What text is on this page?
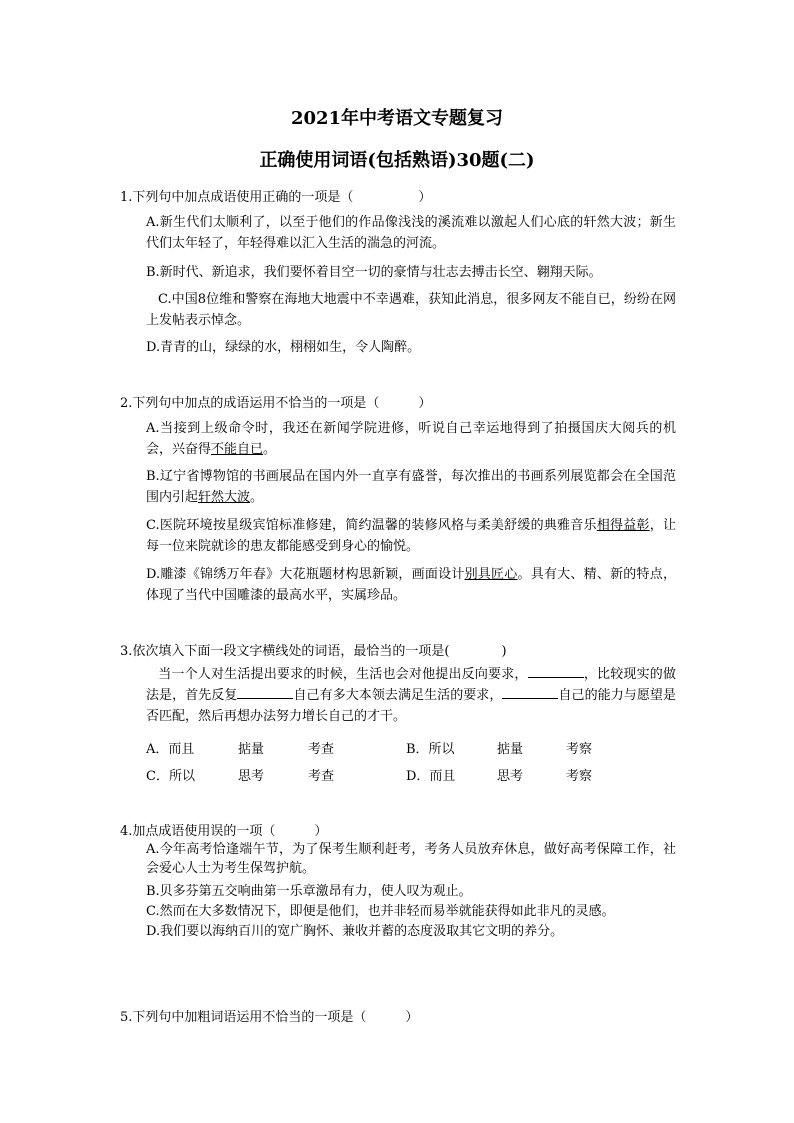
2021年中考语文专题复习
正确使用词语(包括熟语)30题(二)
1.下列句中加点成语使用正确的一项是（　　　　　）
A.新生代们太顺利了，以至于他们的作品像浅浅的溪流难以激起人们心底的轩然大波；新生代们太年轻了，年轻得难以汇入生活的湍急的河流。
B.新时代、新追求，我们要怀着目空一切的豪情与壮志去搏击长空、翱翔天际。
C.中国8位维和警察在海地大地震中不幸遇难，获知此消息，很多网友不能自已，纷纷在网上发帖表示悼念。
D.青青的山，绿绿的水，栩栩如生，令人陶醉。
2.下列句中加点的成语运用不恰当的一项是（　　　）
A.当接到上级命令时，我还在新闻学院进修，听说自己幸运地得到了拍摄国庆大阅兵的机会，兴奋得不能自已。
B.辽宁省博物馆的书画展品在国内外一直享有盛誉，每次推出的书画系列展览都会在全国范围内引起轩然大波。
C.医院环境按星级宾馆标准修建，简约温馨的装修风格与柔美舒缓的典雅音乐相得益彰，让每一位来院就诊的患友都能感受到身心的愉悦。
D.雕漆《锦绣万年春》大花瓶题材构思新颖，画面设计别具匠心。具有大、精、新的特点，体现了当代中国雕漆的最高水平，实属珍品。
3.依次填入下面一段文字横线处的词语，最恰当的一项是(　　　　)
当一个人对生活提出要求的时候，生活也会对他提出反向要求，	，比较现实的做法是，首先反复	自己有多大本领去满足生活的要求，	自己的能力与愿望是否匹配，然后再想办法努力增长自己的才干。
A．而且	掂量	考查	B．所以	掂量	考察
C．所以	思考	考查	D．而且	思考	考察
4.加点成语使用误的一项（　　　）
A.今年高考恰逢端午节，为了保考生顺利赶考，考务人员放弃休息，做好高考保障工作，社会爱心人士为考生保驾护航。
B.贝多芬第五交响曲第一乐章激昂有力，使人叹为观止。
C.然而在大多数情况下，即便是他们，也并非轻而易举就能获得如此非凡的灵感。
D.我们要以海纳百川的宽广胸怀、兼收并蓄的态度汲取其它文明的养分。
5.下列句中加粗词语运用不恰当的一项是（　　　）
